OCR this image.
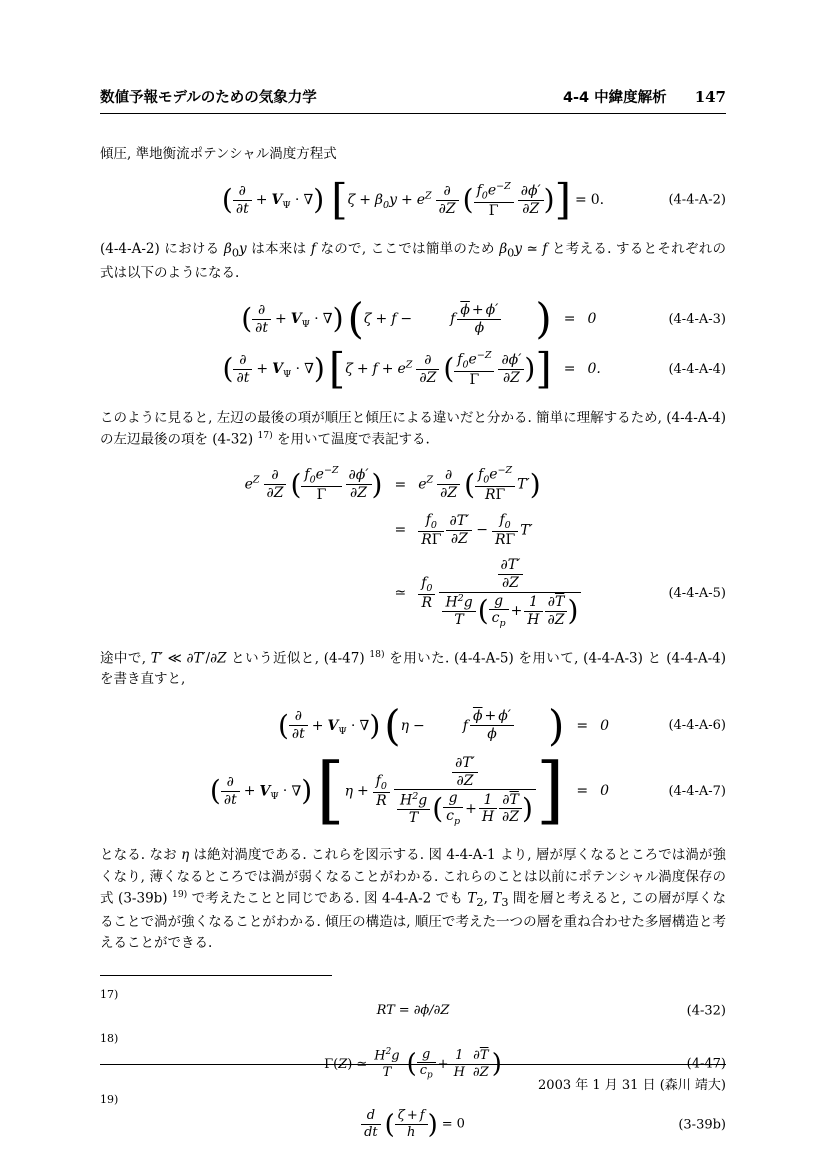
数値予報モデルのための気象力学	4-4 中緯度解析 147

傾圧, 準地衡流ポテンシャル渦度方程式

( ∂
∂t
+ $V_\Psi$ ⋅ ∇) [$\zeta + \beta_0y + e^Z$ ∂
∂Z ( $\frac{f_0e^{-Z}}{\Gamma} \frac{\partial\phi'}{\partial Z}$ )] = 0.	(4-4-A-2)

(4-4-A-2) における $\beta_0y$ は本来は f なので, ここでは簡単のため $\beta_0y$ ≃ f と考える. するとそれぞれの式は以下のようになる.

( ∂
∂t
+ $V_\Psi \cdot \nabla)(\zeta + f$ −	f $\frac{\overline{\phi} + \phi'}{\phi}$ ) = 0	(4-4-A-3)
( ∂
∂t
+ $V_\Psi \cdot \nabla)[\zeta + f + e^Z$ ∂
∂Z ( $\frac{f_0e^{-Z}}{\Gamma} \frac{\partial\phi'}{\partial Z}$ )] = 0.	(4-4-A-4)

このように見ると, 左辺の最後の項が順圧と傾圧による違いだと分かる. 簡単に理解するため, (4-4-A-4) の左辺最後の項を (4-32) $^{17)}$ を用いて温度で表記する.

$e^Z$ ∂
∂Z ( $\frac{f_0e^{-Z}}{\Gamma} \frac{\partial\phi'}{\partial Z}$ ) = $e^Z$ ∂
∂Z ( $\frac{f_0e^{-Z}}{R\Gamma} T'$)
= $\frac{f_0}{R\Gamma} \frac{\partial T'}{\partial Z} - \frac{f_0}{R\Gamma} T'$
≃ $\frac{f_0}{R}$
$\frac{\partial T'}{\partial Z}$
$\frac{H^2g}{T}$ ( $\frac{g}{c_p} + \frac{1}{H} \frac{\partial\overline{T}}{\partial Z}$ )
(4-4-A-5)

途中で, T′ ≪ ∂T′/∂Z という近似と, (4-47) $^{18)}$ を用いた. (4-4-A-5) を用いて, (4-4-A-3) と (4-4-A-4) を書き直すと,

( ∂
∂t
+ $V_\Psi \cdot \nabla)(\eta$ −	f $\frac{\overline{\phi} + \phi'}{\phi}$ ) = 0	(4-4-A-6)
( ∂
∂t
+ $V_\Psi \cdot \nabla)[\eta + \frac{f_0}{R}$
$\frac{\partial T'}{\partial Z}$
$\frac{H^2g}{T}$ ( $\frac{g}{c_p} + \frac{1}{H} \frac{\partial\overline{T}}{\partial Z}$ ) ] = 0	(4-4-A-7)

となる. なお η は絶対渦度である. これらを図示する. 図 4-4-A-1 より, 層が厚くなるところでは渦が強くなり, 薄くなるところでは渦が弱くなることがわかる. これらのことは以前にポテンシャル渦度保存の式 (3-39b) $^{19)}$ で考えたことと同じである. 図 4-4-A-2 でも $T_2$, $T_3$ 間を層と考えると, この層が厚くなることで渦が強くなることがわかる. 傾圧の構造は, 順圧で考えた一つの層を重ね合わせた多層構造と考えることができる.

17)
RT = ∂ϕ/∂Z	(4-32)
18)
Γ(Z) ≃ $\frac{H^2g}{T}$ ( $\frac{g}{c_p} + \frac{1}{H} \frac{\partial\overline{T}}{\partial Z}$ )	(4-47)
19)
$\frac{d}{dt}$ ( $\frac{\zeta + f}{h}$ ) = 0	(3-39b)
2003 年 1 月 31 日 (森川 靖大)
